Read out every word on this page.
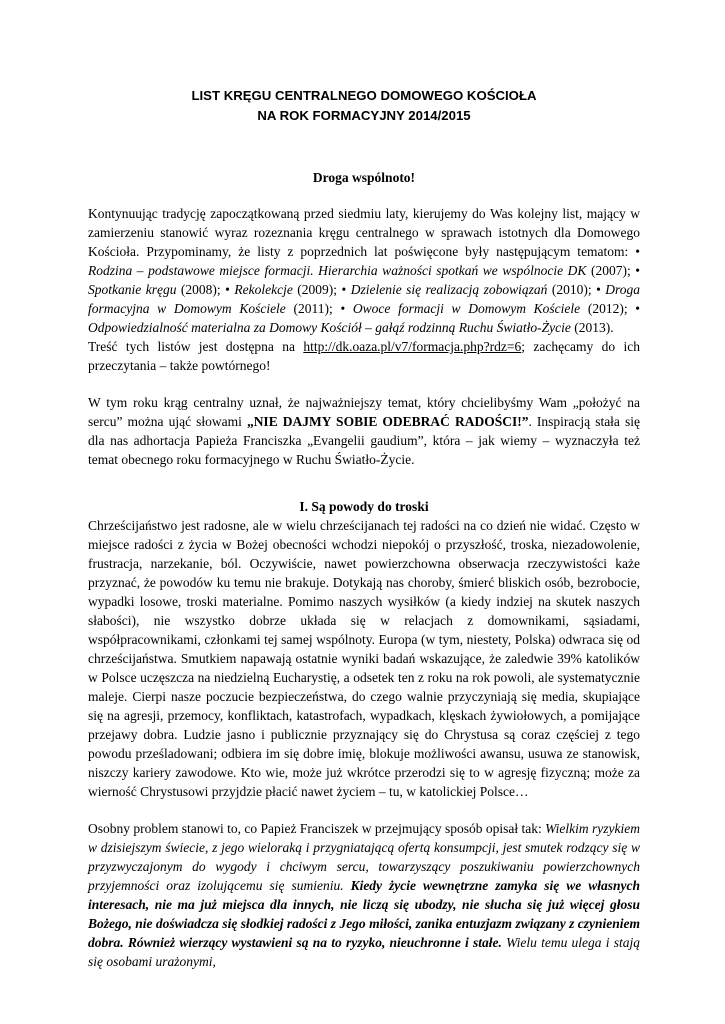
LIST KRĘGU CENTRALNEGO DOMOWEGO KOŚCIOŁA
NA ROK FORMACYJNY 2014/2015
Droga wspólnoto!

Kontynuując tradycję zapoczątkowaną przed siedmiu laty, kierujemy do Was kolejny list, mający w zamierzeniu stanowić wyraz rozeznania kręgu centralnego w sprawach istotnych dla Domowego Kościoła. Przypominamy, że listy z poprzednich lat poświęcone były następującym tematom: • Rodzina – podstawowe miejsce formacji. Hierarchia ważności spotkań we wspólnocie DK (2007); • Spotkanie kręgu (2008); • Rekolekcje (2009); • Dzielenie się realizacją zobowiązań (2010); • Droga formacyjna w Domowym Kościele (2011); • Owoce formacji w Domowym Kościele (2012); • Odpowiedzialność materialna za Domowy Kościół – gałąź rodzinną Ruchu Światło-Życie (2013).
Treść tych listów jest dostępna na http://dk.oaza.pl/v7/formacja.php?rdz=6; zachęcamy do ich przeczytania – także powtórnego!

W tym roku krąg centralny uznał, że najważniejszy temat, który chcielibyśmy Wam „położyć na sercu” można ująć słowami „NIE DAJMY SOBIE ODEBRAĆ RADOŚCI!”. Inspiracją stała się dla nas adhortacja Papieża Franciszka „Evangelii gaudium”, która – jak wiemy – wyznaczyła też temat obecnego roku formacyjnego w Ruchu Światło-Życie.

I. Są powody do troski

Chrześcijaństwo jest radosne, ale w wielu chrześcijanach tej radości na co dzień nie widać. Często w miejsce radości z życia w Bożej obecności wchodzi niepokój o przyszłość, troska, niezadowolenie, frustracja, narzekanie, ból. Oczywiście, nawet powierzchowna obserwacja rzeczywistości każe przyznać, że powodów ku temu nie brakuje. Dotykają nas choroby, śmierć bliskich osób, bezrobocie, wypadki losowe, troski materialne. Pomimo naszych wysiłków (a kiedy indziej na skutek naszych słabości), nie wszystko dobrze układa się w relacjach z domownikami, sąsiadami, współpracownikami, członkami tej samej wspólnoty. Europa (w tym, niestety, Polska) odwraca się od chrześcijaństwa. Smutkiem napawają ostatnie wyniki badań wskazujące, że zaledwie 39% katolików w Polsce uczęszcza na niedzielną Eucharystię, a odsetek ten z roku na rok powoli, ale systematycznie maleje. Cierpi nasze poczucie bezpieczeństwa, do czego walnie przyczyniają się media, skupiające się na agresji, przemocy, konfliktach, katastrofach, wypadkach, klęskach żywiołowych, a pomijające przejawy dobra. Ludzie jasno i publicznie przyznający się do Chrystusa są coraz częściej z tego powodu prześladowani; odbiera im się dobre imię, blokuje możliwości awansu, usuwa ze stanowisk, niszczy kariery zawodowe. Kto wie, może już wkrótce przerodzi się to w agresję fizyczną; może za wierność Chrystusowi przyjdzie płacić nawet życiem – tu, w katolickiej Polsce…

Osobny problem stanowi to, co Papież Franciszek w przejmujący sposób opisał tak: Wielkim ryzykiem w dzisiejszym świecie, z jego wieloraką i przygniatającą ofertą konsumpcji, jest smutek rodzący się w przyzwyczajonym do wygody i chciwym sercu, towarzyszący poszukiwaniu powierzchownych przyjemności oraz izolującemu się sumieniu. Kiedy życie wewnętrzne zamyka się we własnych interesach, nie ma już miejsca dla innych, nie liczą się ubodzy, nie słucha się już więcej głosu Bożego, nie doświadcza się słodkiej radości z Jego miłości, zanika entuzjazm związany z czynieniem dobra. Również wierzący wystawieni są na to ryzyko, nieuchronne i stałe. Wielu temu ulega i stają się osobami urażonymi,
